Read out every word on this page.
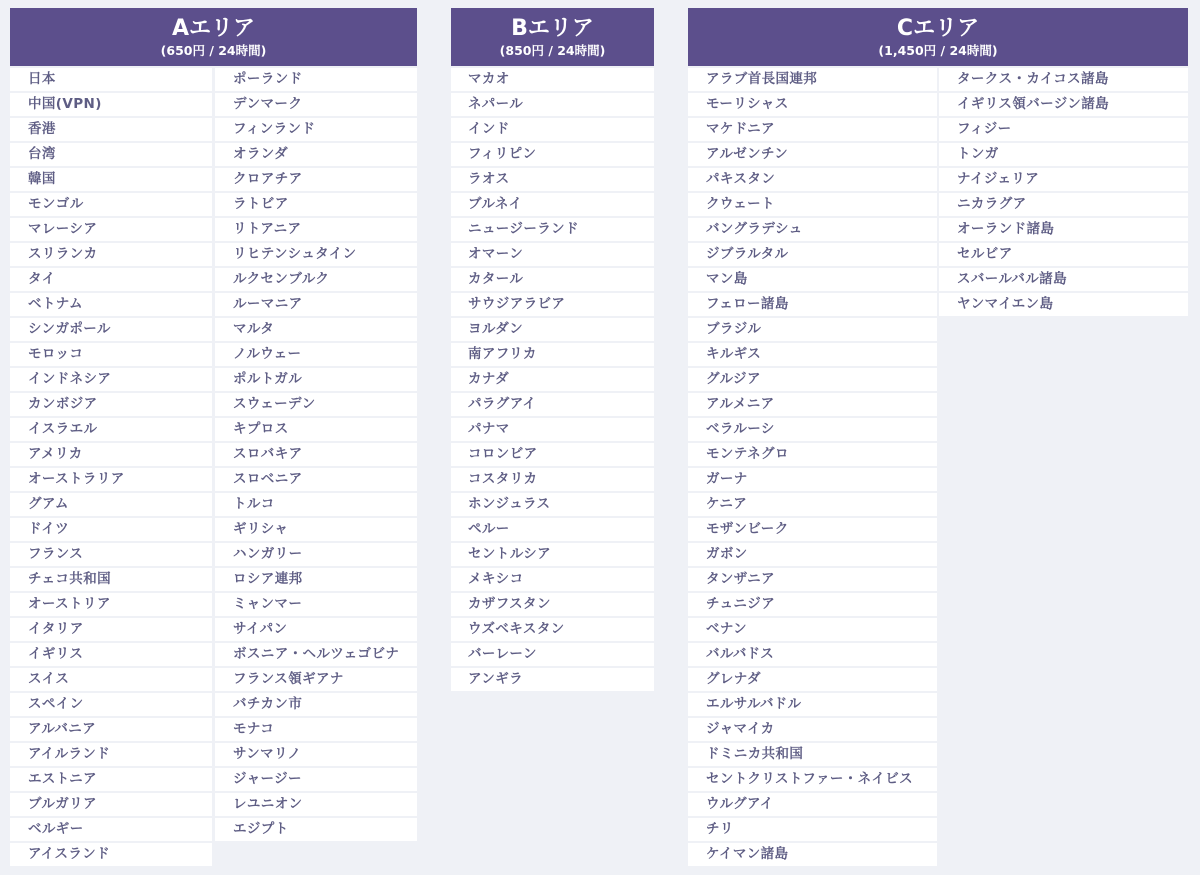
Aエリア
(650円 / 24時間)
日本
中国(VPN)
香港
台湾
韓国
モンゴル
マレーシア
スリランカ
タイ
ベトナム
シンガポール
モロッコ
インドネシア
カンボジア
イスラエル
アメリカ
オーストラリア
グアム
ドイツ
フランス
チェコ共和国
オーストリア
イタリア
イギリス
スイス
スペイン
アルバニア
アイルランド
エストニア
ブルガリア
ベルギー
アイスランド
ポーランド
デンマーク
フィンランド
オランダ
クロアチア
ラトビア
リトアニア
リヒテンシュタイン
ルクセンブルク
ルーマニア
マルタ
ノルウェー
ポルトガル
スウェーデン
キプロス
スロバキア
スロベニア
トルコ
ギリシャ
ハンガリー
ロシア連邦
ミャンマー
サイパン
ボスニア・ヘルツェゴビナ
フランス領ギアナ
バチカン市
モナコ
サンマリノ
ジャージー
レユニオン
エジプト
Bエリア
(850円 / 24時間)
マカオ
ネパール
インド
フィリピン
ラオス
ブルネイ
ニュージーランド
オマーン
カタール
サウジアラビア
ヨルダン
南アフリカ
カナダ
パラグアイ
パナマ
コロンビア
コスタリカ
ホンジュラス
ペルー
セントルシア
メキシコ
カザフスタン
ウズベキスタン
バーレーン
アンギラ
Cエリア
(1,450円 / 24時間)
アラブ首長国連邦
モーリシャス
マケドニア
アルゼンチン
パキスタン
クウェート
バングラデシュ
ジブラルタル
マン島
フェロー諸島
ブラジル
キルギス
グルジア
アルメニア
ベラルーシ
モンテネグロ
ガーナ
ケニア
モザンビーク
ガボン
タンザニア
チュニジア
ベナン
バルバドス
グレナダ
エルサルバドル
ジャマイカ
ドミニカ共和国
セントクリストファー・ネイビス
ウルグアイ
チリ
ケイマン諸島
タークス・カイコス諸島
イギリス領バージン諸島
フィジー
トンガ
ナイジェリア
ニカラグア
オーランド諸島
セルビア
スバールバル諸島
ヤンマイエン島
